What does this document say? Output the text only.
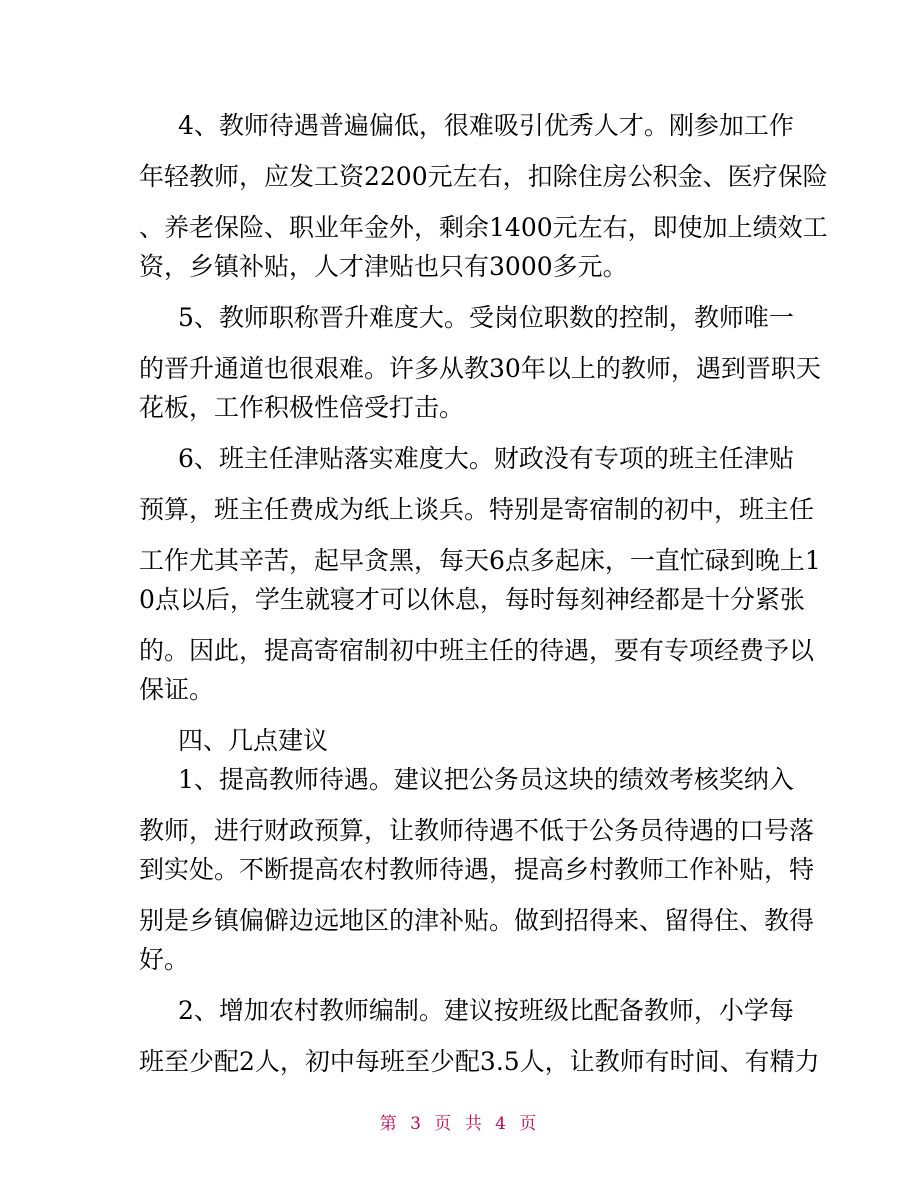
4、教师待遇普遍偏低，很难吸引优秀人才。刚参加工作
年轻教师，应发工资2200元左右，扣除住房公积金、医疗保险
、养老保险、职业年金外，剩余1400元左右，即使加上绩效工
资，乡镇补贴，人才津贴也只有3000多元。
5、教师职称晋升难度大。受岗位职数的控制，教师唯一
的晋升通道也很艰难。许多从教30年以上的教师，遇到晋职天
花板，工作积极性倍受打击。
6、班主任津贴落实难度大。财政没有专项的班主任津贴
预算，班主任费成为纸上谈兵。特别是寄宿制的初中，班主任
工作尤其辛苦，起早贪黑，每天6点多起床，一直忙碌到晚上1
0点以后，学生就寝才可以休息，每时每刻神经都是十分紧张
的。因此，提高寄宿制初中班主任的待遇，要有专项经费予以
保证。
四、几点建议
1、提高教师待遇。建议把公务员这块的绩效考核奖纳入
教师，进行财政预算，让教师待遇不低于公务员待遇的口号落
到实处。不断提高农村教师待遇，提高乡村教师工作补贴，特
别是乡镇偏僻边远地区的津补贴。做到招得来、留得住、教得
好。
2、增加农村教师编制。建议按班级比配备教师，小学每
班至少配2人，初中每班至少配3.5人，让教师有时间、有精力
第 3 页 共 4 页
